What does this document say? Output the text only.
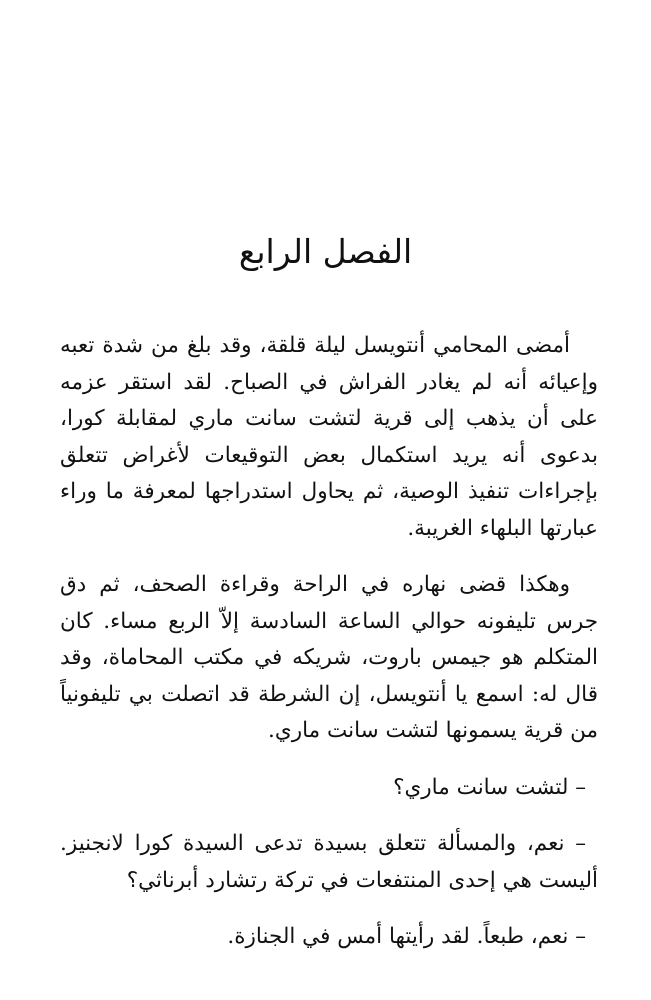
الفصل الرابع

أمضى المحامي أنتويسل ليلة قلقة، وقد بلغ من شدة تعبه وإعيائه أنه لم يغادر الفراش في الصباح. لقد استقر عزمه على أن يذهب إلى قرية لتشت سانت ماري لمقابلة كورا، بدعوى أنه يريد استكمال بعض التوقيعات لأغراض تتعلق بإجراءات تنفيذ الوصية، ثم يحاول استدراجها لمعرفة ما وراء عبارتها البلهاء الغريبة.

وهكذا قضى نهاره في الراحة وقراءة الصحف، ثم دق جرس تليفونه حوالي الساعة السادسة إلاّ الربع مساء. كان المتكلم هو جيمس باروت، شريكه في مكتب المحاماة، وقد قال له: اسمع يا أنتويسل، إن الشرطة قد اتصلت بي تليفونياً من قرية يسمونها لتشت سانت ماري.

– لتشت سانت ماري؟

– نعم، والمسألة تتعلق بسيدة تدعى السيدة كورا لانجنيز. أليست هي إحدى المنتفعات في تركة رتشارد أبرناثي؟

– نعم، طبعاً. لقد رأيتها أمس في الجنازة.
